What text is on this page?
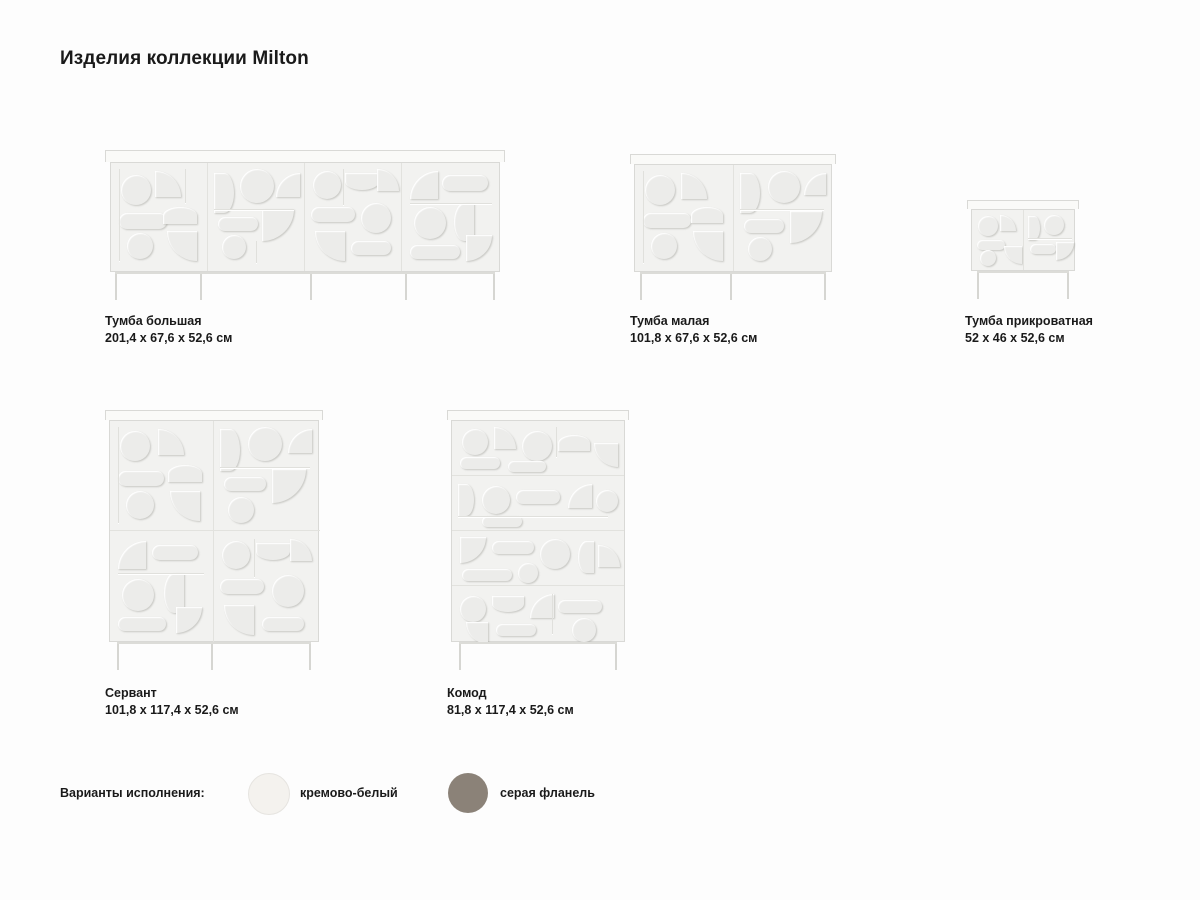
Изделия коллекции Milton
Тумба большая
201,4 x 67,6 x 52,6 см
Тумба малая
101,8 x 67,6 x 52,6 см
Тумба прикроватная
52 x 46 x 52,6 см
Сервант
101,8 x 117,4 x 52,6 см
Комод
81,8 x 117,4 x 52,6 см
Варианты исполнения:	кремово-белый	серая фланель
